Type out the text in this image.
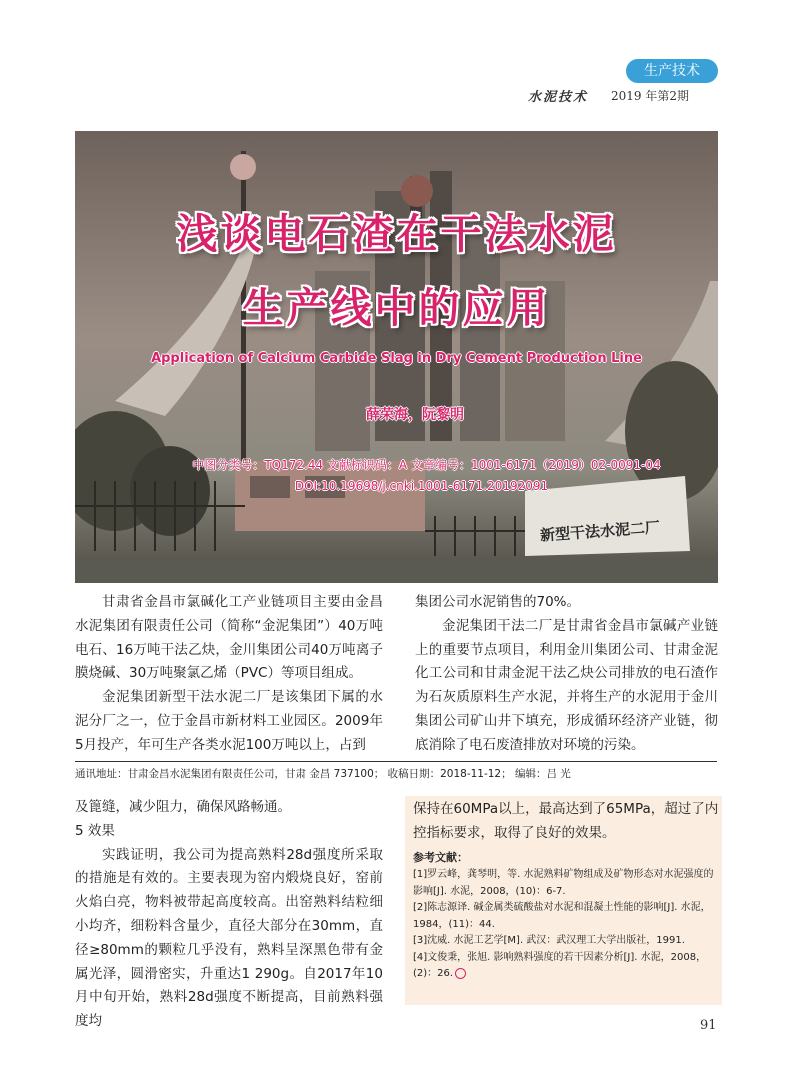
生产技术
水泥技术 2019 年第2期
新型干法水泥二厂
浅谈电石渣在干法水泥
生产线中的应用
Application of Calcium Carbide Slag in Dry Cement Production Line
薛荣海，阮黎明
中图分类号：TQ172.44 文献标识码：A 文章编号：1001-6171（2019）02-0091-04
DOI:10.19698/j.cnki.1001-6171.20192091

甘肃省金昌市氯碱化工产业链项目主要由金昌水泥集团有限责任公司（简称“金泥集团”）40万吨电石、16万吨干法乙炔，金川集团公司40万吨离子膜烧碱、30万吨聚氯乙烯（PVC）等项目组成。

金泥集团新型干法水泥二厂是该集团下属的水泥分厂之一，位于金昌市新材料工业园区。2009年5月投产，年可生产各类水泥100万吨以上，占到

集团公司水泥销售的70%。

金泥集团干法二厂是甘肃省金昌市氯碱产业链上的重要节点项目，利用金川集团公司、甘肃金泥化工公司和甘肃金泥干法乙炔公司排放的电石渣作为石灰质原料生产水泥，并将生产的水泥用于金川集团公司矿山井下填充，形成循环经济产业链，彻底消除了电石废渣排放对环境的污染。

通讯地址：甘肃金昌水泥集团有限责任公司，甘肃 金昌 737100； 收稿日期：2018-11-12； 编辑：吕 光

及篦缝，减少阻力，确保风路畅通。

5 效果

实践证明，我公司为提高熟料28d强度所采取的措施是有效的。主要表现为窑内煅烧良好，窑前火焰白亮，物料被带起高度较高。出窑熟料结粒细小均齐，细粉料含量少，直径大部分在30mm，直径≥80mm的颗粒几乎没有，熟料呈深黑色带有金属光泽，圆滑密实，升重达1 290g。自2017年10月中旬开始，熟料28d强度不断提高，目前熟料强度均

保持在60MPa以上，最高达到了65MPa，超过了内控指标要求，取得了良好的效果。
参考文献：
[1]罗云峰，龚琴明，等. 水泥熟料矿物组成及矿物形态对水泥强度的影响[J]. 水泥，2008，(10)：6-7.
[2]陈志源译. 碱金属类硫酸盐对水泥和混凝土性能的影响[J]. 水泥，1984，(11)：44.
[3]沈威. 水泥工艺学[M]. 武汉：武汉理工大学出版社，1991.
[4]文俊秉，张旭. 影响熟料强度的若干因素分析[J]. 水泥，2008，(2)：26.
91
